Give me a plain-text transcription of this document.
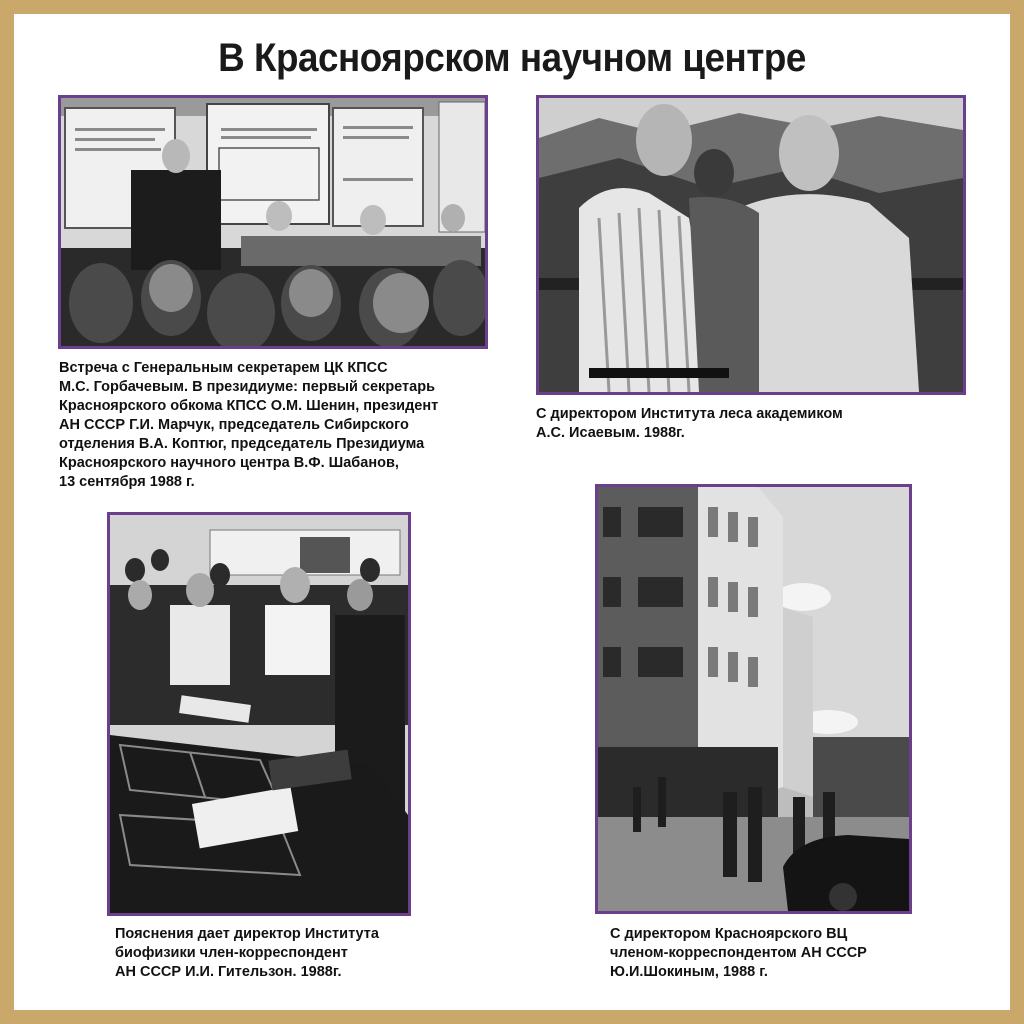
В Красноярском научном центре
Встреча с Генеральным секретарем ЦК КПСС
М.С. Горбачевым. В президиуме: первый секретарь
Красноярского обкома КПСС О.М. Шенин, президент
АН СССР Г.И. Марчук, председатель Сибирского
отделения В.А. Коптюг, председатель Президиума
Красноярского научного центра В.Ф. Шабанов,
13 сентября 1988 г.
С директором Института леса академиком
А.С. Исаевым. 1988г.
Пояснения дает директор Института
биофизики член-корреспондент
АН СССР И.И. Гительзон. 1988г.
С директором Красноярского ВЦ
членом-корреспондентом АН СССР
Ю.И.Шокиным, 1988 г.
